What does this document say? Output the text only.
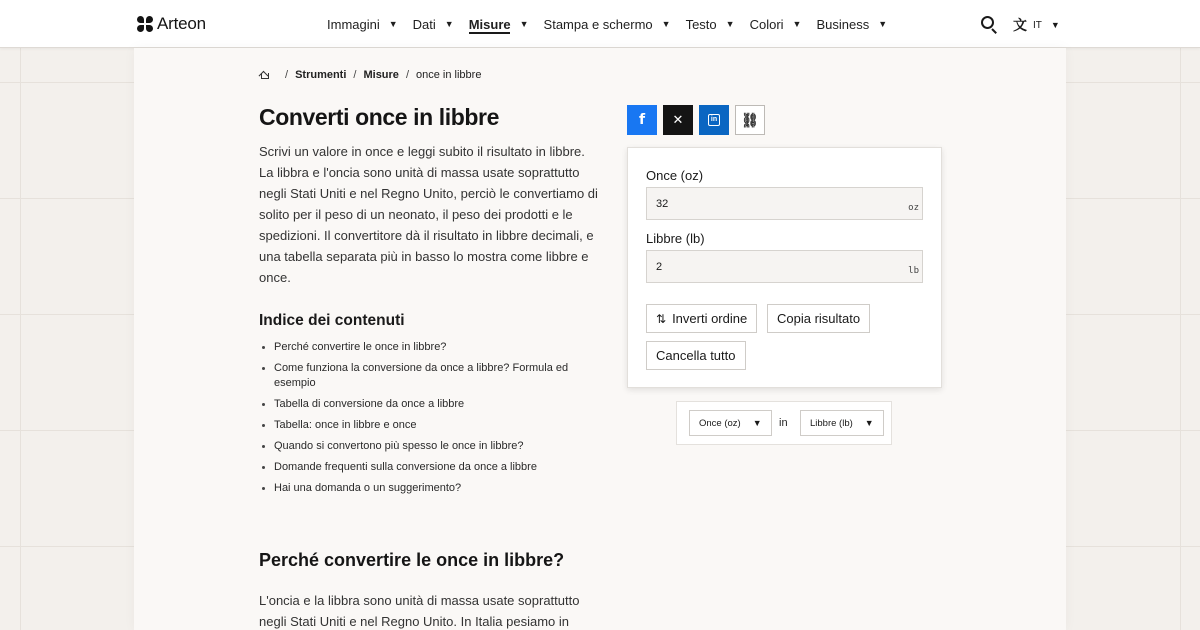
Arteon	Immagini ▼ Dati ▼ Misure ▼ Stampa e schermo ▼ Testo ▼ Colori ▼ Business ▼	文 IT ▼
/ Strumenti / Misure / once in libbre
Converti once in libbre

Scrivi un valore in once e leggi subito il risultato in libbre. La libbra e l'oncia sono unità di massa usate soprattutto negli Stati Uniti e nel Regno Unito, perciò le convertiamo di solito per il peso di un neonato, il peso dei prodotti e le spedizioni. Il convertitore dà il risultato in libbre decimali, e una tabella separata più in basso lo mostra come libbre e once.

Indice dei contenuti
Perché convertire le once in libbre?
Come funziona la conversione da once a libbre? Formula ed esempio
Tabella di conversione da once a libbre
Tabella: once in libbre e once
Quando si convertono più spesso le once in libbre?
Domande frequenti sulla conversione da once a libbre
Hai una domanda o un suggerimento?
Perché convertire le once in libbre?

L'oncia e la libbra sono unità di massa usate soprattutto negli Stati Uniti e nel Regno Unito. In Italia pesiamo in

f	✕	in	⛓
Once (oz)
32
oz
Libbre (lb)
2
lb
⇅ Inverti ordine	Copia risultato
Cancella tutto
Once (oz) ▼ in Libbre (lb) ▼
